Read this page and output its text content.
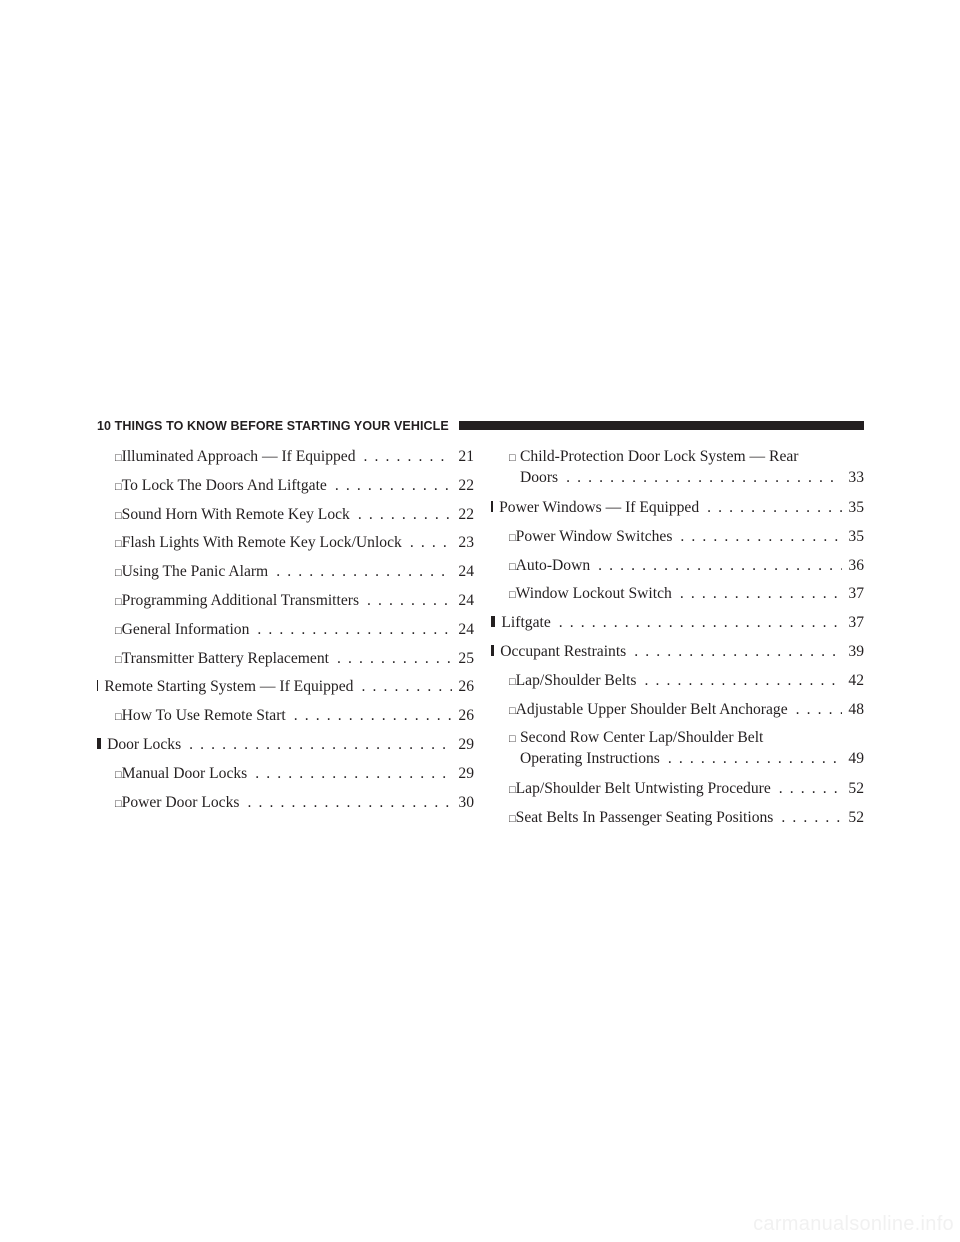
10 THINGS TO KNOW BEFORE STARTING YOUR VEHICLE
□ Illuminated Approach — If Equipped . . .	21
□ To Lock The Doors And Liftgate . . .	22
□ Sound Horn With Remote Key Lock . . .	22
□ Flash Lights With Remote Key Lock/Unlock . . .	23
□ Using The Panic Alarm . . .	24
□ Programming Additional Transmitters . . .	24
□ General Information . . .	24
□ Transmitter Battery Replacement . . .	25
Remote Starting System — If Equipped . . .	26
□ How To Use Remote Start . . .	26
Door Locks . . .	29
□ Manual Door Locks . . .	29
□ Power Door Locks . . .	30
□ Child-Protection Door Lock System — Rear
Doors . . .	33
Power Windows — If Equipped . . .	35
□ Power Window Switches . . .	35
□ Auto-Down . . .	36
□ Window Lockout Switch . . .	37
Liftgate . . .	37
Occupant Restraints . . .	39
□ Lap/Shoulder Belts . . .	42
□ Adjustable Upper Shoulder Belt Anchorage . . .	48
□ Second Row Center Lap/Shoulder Belt
Operating Instructions . . .	49
□ Lap/Shoulder Belt Untwisting Procedure . . .	52
□ Seat Belts In Passenger Seating Positions . . .	52
carmanualsonline.info
